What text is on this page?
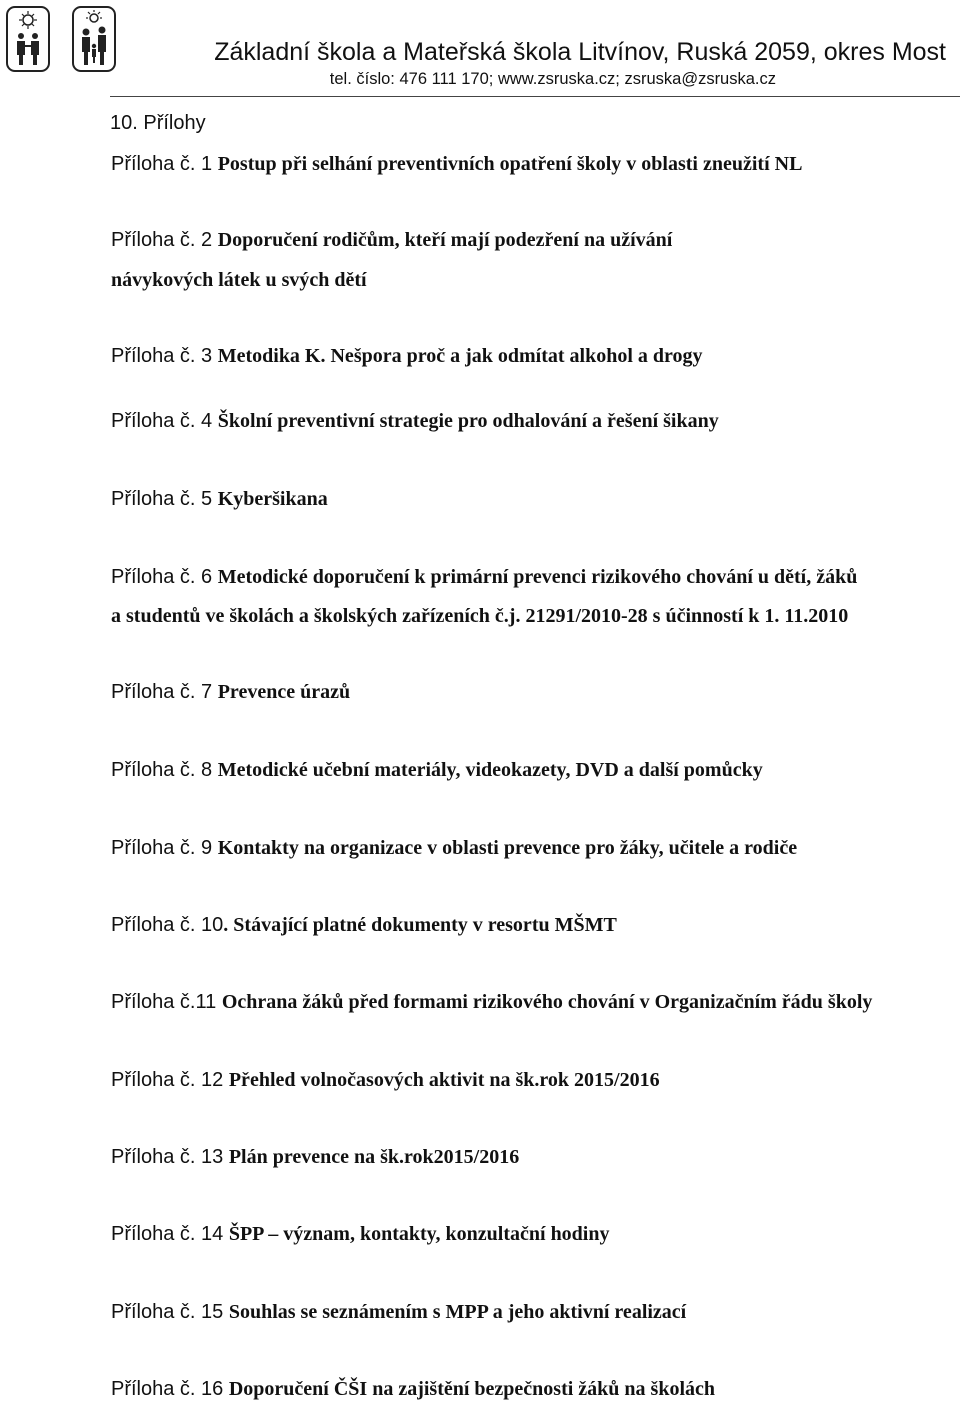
Základní škola a Mateřská škola Litvínov, Ruská 2059, okres Most
tel. číslo: 476 111 170; www.zsruska.cz; zsruska@zsruska.cz
10. Přílohy
Příloha č. 1 Postup při selhání preventivních opatření školy v oblasti zneužití NL
Příloha č. 2 Doporučení rodičům, kteří mají podezření na užívání
návykových látek u svých dětí
Příloha č. 3 Metodika K. Nešpora proč a jak odmítat alkohol a drogy
Příloha č. 4 Školní preventivní strategie pro odhalování a řešení šikany
Příloha č. 5 Kyberšikana
Příloha č. 6 Metodické doporučení k primární prevenci rizikového chování u dětí, žáků
a studentů ve školách a školských zařízeních č.j. 21291/2010-28 s účinností k 1. 11.2010
Příloha č. 7 Prevence úrazů
Příloha č. 8 Metodické učební materiály, videokazety, DVD a další pomůcky
Příloha č. 9 Kontakty na organizace v oblasti prevence pro žáky, učitele a rodiče
Příloha č. 10. Stávající platné dokumenty v resortu MŠMT
Příloha č.11 Ochrana žáků před formami rizikového chování v Organizačním řádu školy
Příloha č. 12 Přehled volnočasových aktivit na šk.rok 2015/2016
Příloha č. 13 Plán prevence na šk.rok2015/2016
Příloha č. 14 ŠPP – význam, kontakty, konzultační hodiny
Příloha č. 15 Souhlas se seznámením s MPP a jeho aktivní realizací
Příloha č. 16 Doporučení ČŠI na zajištění bezpečnosti žáků na školách
